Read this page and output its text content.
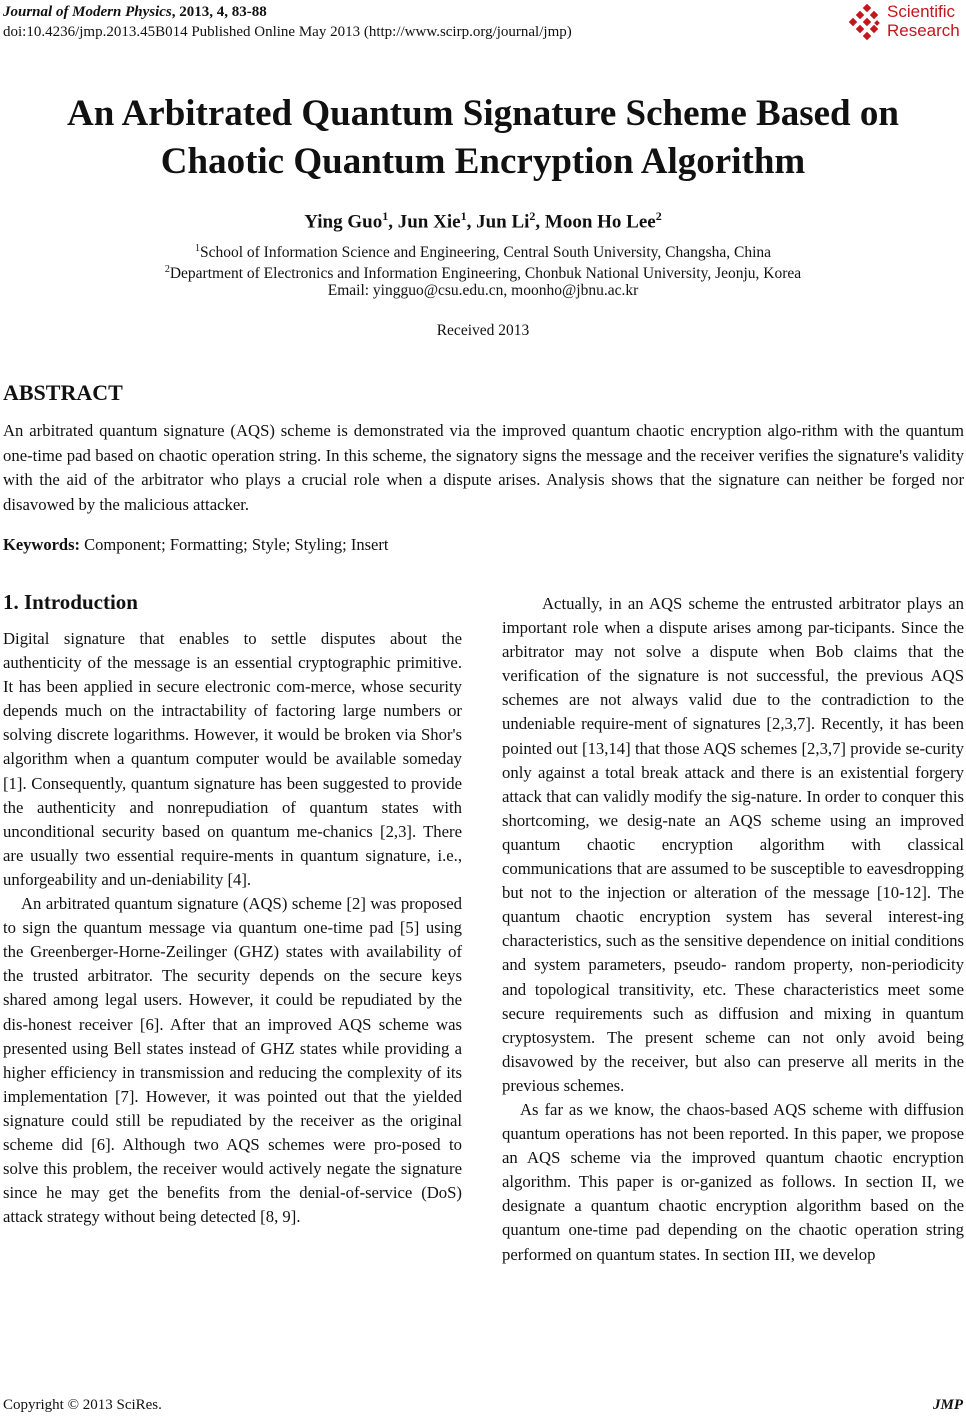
Journal of Modern Physics, 2013, 4, 83-88
doi:10.4236/jmp.2013.45B014 Published Online May 2013 (http://www.scirp.org/journal/jmp)
Scientific
Research
An Arbitrated Quantum Signature Scheme Based on
Chaotic Quantum Encryption Algorithm
Ying Guo$^1$, Jun Xie$^1$, Jun Li$^2$, Moon Ho Lee$^2$
$^1$School of Information Science and Engineering, Central South University, Changsha, China
$^2$Department of Electronics and Information Engineering, Chonbuk National University, Jeonju, Korea
Email: yingguo@csu.edu.cn, moonho@jbnu.ac.kr
Received 2013
ABSTRACT
An arbitrated quantum signature (AQS) scheme is demonstrated via the improved quantum chaotic encryption algo-rithm with the quantum one-time pad based on chaotic operation string. In this scheme, the signatory signs the message and the receiver verifies the signature's validity with the aid of the arbitrator who plays a crucial role when a dispute arises. Analysis shows that the signature can neither be forged nor disavowed by the malicious attacker.
Keywords: Component; Formatting; Style; Styling; Insert
1. Introduction

Digital signature that enables to settle disputes about the authenticity of the message is an essential cryptographic primitive. It has been applied in secure electronic com-merce, whose security depends much on the intractability of factoring large numbers or solving discrete logarithms. However, it would be broken via Shor's algorithm when a quantum computer would be available someday [1]. Consequently, quantum signature has been suggested to provide the authenticity and nonrepudiation of quantum states with unconditional security based on quantum me-chanics [2,3]. There are usually two essential require-ments in quantum signature, i.e., unforgeability and un-deniability [4].

An arbitrated quantum signature (AQS) scheme [2] was proposed to sign the quantum message via quantum one-time pad [5] using the Greenberger-Horne-Zeilinger (GHZ) states with availability of the trusted arbitrator. The security depends on the secure keys shared among legal users. However, it could be repudiated by the dis-honest receiver [6]. After that an improved AQS scheme was presented using Bell states instead of GHZ states while providing a higher efficiency in transmission and reducing the complexity of its implementation [7]. However, it was pointed out that the yielded signature could still be repudiated by the receiver as the original scheme did [6]. Although two AQS schemes were pro-posed to solve this problem, the receiver would actively negate the signature since he may get the benefits from the denial-of-service (DoS) attack strategy without being detected [8, 9].

Actually, in an AQS scheme the entrusted arbitrator plays an important role when a dispute arises among par-ticipants. Since the arbitrator may not solve a dispute when Bob claims that the verification of the signature is not successful, the previous AQS schemes are not always valid due to the contradiction to the undeniable require-ment of signatures [2,3,7]. Recently, it has been pointed out [13,14] that those AQS schemes [2,3,7] provide se-curity only against a total break attack and there is an existential forgery attack that can validly modify the sig-nature. In order to conquer this shortcoming, we desig-nate an AQS scheme using an improved quantum chaotic encryption algorithm with classical communications that are assumed to be susceptible to eavesdropping but not to the injection or alteration of the message [10-12]. The quantum chaotic encryption system has several interest-ing characteristics, such as the sensitive dependence on initial conditions and system parameters, pseudo- random property, non-periodicity and topological transitivity, etc. These characteristics meet some secure requirements such as diffusion and mixing in quantum cryptosystem. The present scheme can not only avoid being disavowed by the receiver, but also can preserve all merits in the previous schemes.

As far as we know, the chaos-based AQS scheme with diffusion quantum operations has not been reported. In this paper, we propose an AQS scheme via the improved quantum chaotic encryption algorithm. This paper is or-ganized as follows. In section II, we designate a quantum chaotic encryption algorithm based on the quantum one-time pad depending on the chaotic operation string performed on quantum states. In section III, we develop

Copyright © 2013 SciRes.	JMP
